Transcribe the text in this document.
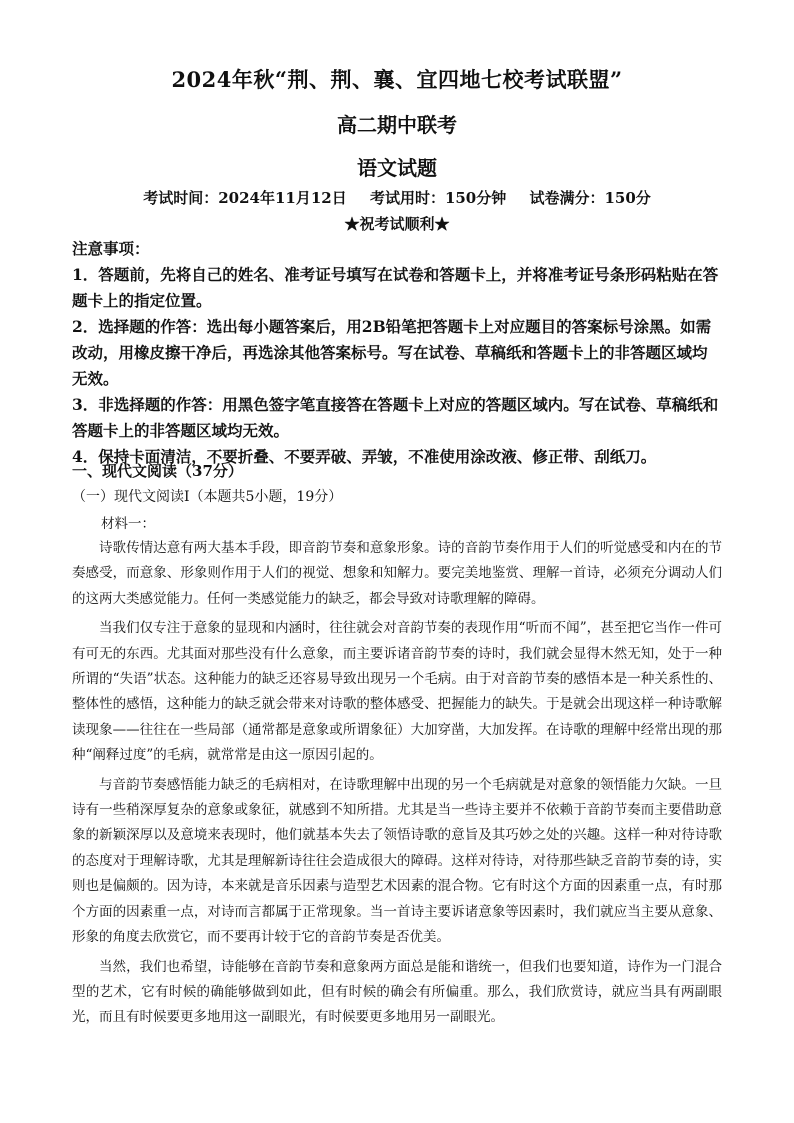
2024年秋“荆、荆、襄、宜四地七校考试联盟”
高二期中联考
语文试题
考试时间：2024年11月12日 考试用时：150分钟 试卷满分：150分
★祝考试顺利★

注意事项：

1．答题前，先将自己的姓名、准考证号填写在试卷和答题卡上，并将准考证号条形码粘贴在答题卡上的指定位置。

2．选择题的作答：选出每小题答案后，用2B铅笔把答题卡上对应题目的答案标号涂黑。如需改动，用橡皮擦干净后，再选涂其他答案标号。写在试卷、草稿纸和答题卡上的非答题区域均无效。

3．非选择题的作答：用黑色签字笔直接答在答题卡上对应的答题区域内。写在试卷、草稿纸和答题卡上的非答题区域均无效。

4．保持卡面清洁，不要折叠、不要弄破、弄皱，不准使用涂改液、修正带、刮纸刀。

一、现代文阅读（37分）
（一）现代文阅读Ⅰ（本题共5小题，19分）
材料一：

诗歌传情达意有两大基本手段，即音韵节奏和意象形象。诗的音韵节奏作用于人们的听觉感受和内在的节奏感受，而意象、形象则作用于人们的视觉、想象和知解力。要完美地鉴赏、理解一首诗，必须充分调动人们的这两大类感觉能力。任何一类感觉能力的缺乏，都会导致对诗歌理解的障碍。

当我们仅专注于意象的显现和内涵时，往往就会对音韵节奏的表现作用“听而不闻”，甚至把它当作一件可有可无的东西。尤其面对那些没有什么意象，而主要诉诸音韵节奏的诗时，我们就会显得木然无知，处于一种所谓的“失语”状态。这种能力的缺乏还容易导致出现另一个毛病。由于对音韵节奏的感悟本是一种关系性的、整体性的感悟，这种能力的缺乏就会带来对诗歌的整体感受、把握能力的缺失。于是就会出现这样一种诗歌解读现象——往往在一些局部（通常都是意象或所谓象征）大加穿凿，大加发挥。在诗歌的理解中经常出现的那种“阐释过度”的毛病，就常常是由这一原因引起的。

与音韵节奏感悟能力缺乏的毛病相对，在诗歌理解中出现的另一个毛病就是对意象的领悟能力欠缺。一旦诗有一些稍深厚复杂的意象或象征，就感到不知所措。尤其是当一些诗主要并不依赖于音韵节奏而主要借助意象的新颖深厚以及意境来表现时，他们就基本失去了领悟诗歌的意旨及其巧妙之处的兴趣。这样一种对待诗歌的态度对于理解诗歌，尤其是理解新诗往往会造成很大的障碍。这样对待诗，对待那些缺乏音韵节奏的诗，实则也是偏颇的。因为诗，本来就是音乐因素与造型艺术因素的混合物。它有时这个方面的因素重一点，有时那个方面的因素重一点，对诗而言都属于正常现象。当一首诗主要诉诸意象等因素时，我们就应当主要从意象、形象的角度去欣赏它，而不要再计较于它的音韵节奏是否优美。

当然，我们也希望，诗能够在音韵节奏和意象两方面总是能和谐统一，但我们也要知道，诗作为一门混合型的艺术，它有时候的确能够做到如此，但有时候的确会有所偏重。那么，我们欣赏诗，就应当具有两副眼光，而且有时候要更多地用这一副眼光，有时候要更多地用另一副眼光。
